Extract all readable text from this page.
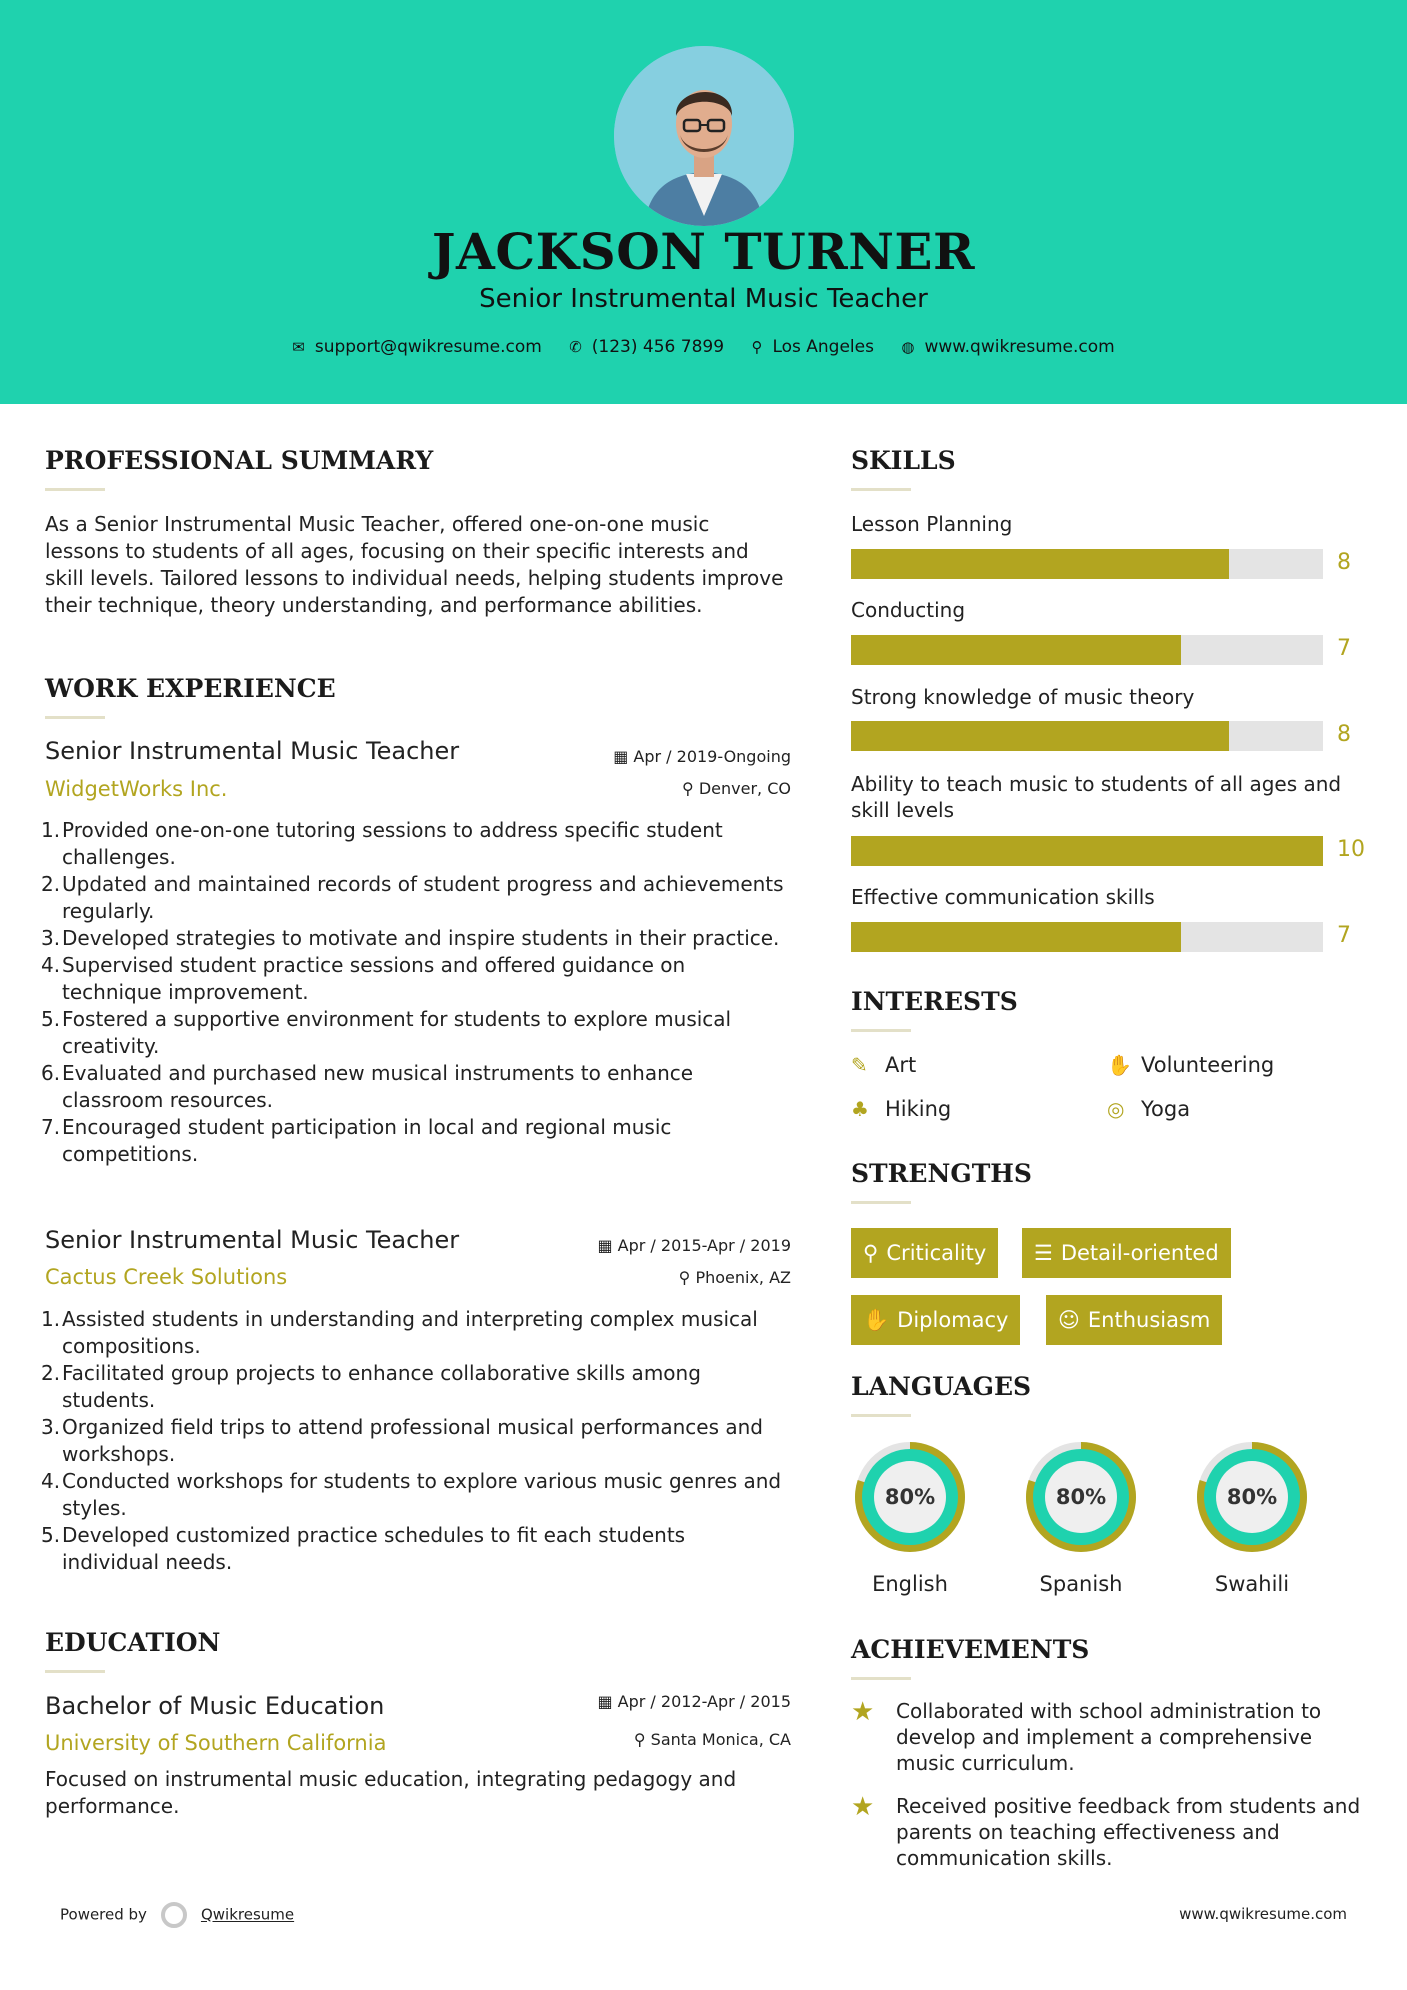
JACKSON TURNER
Senior Instrumental Music Teacher
✉ support@qwikresume.com ✆ (123) 456 7899 ⚲ Los Angeles ◍ www.qwikresume.com
PROFESSIONAL SUMMARY
As a Senior Instrumental Music Teacher, offered one-on-one music lessons to students of all ages, focusing on their specific interests and skill levels. Tailored lessons to individual needs, helping students improve their technique, theory understanding, and performance abilities.
WORK EXPERIENCE
Senior Instrumental Music Teacher
WidgetWorks Inc.
▦ Apr / 2019-Ongoing
⚲ Denver, CO
1. Provided one-on-one tutoring sessions to address specific student challenges.
2. Updated and maintained records of student progress and achievements regularly.
3. Developed strategies to motivate and inspire students in their practice.
4. Supervised student practice sessions and offered guidance on technique improvement.
5. Fostered a supportive environment for students to explore musical creativity.
6. Evaluated and purchased new musical instruments to enhance classroom resources.
7. Encouraged student participation in local and regional music competitions.
Senior Instrumental Music Teacher
Cactus Creek Solutions
▦ Apr / 2015-Apr / 2019
⚲ Phoenix, AZ
1. Assisted students in understanding and interpreting complex musical compositions.
2. Facilitated group projects to enhance collaborative skills among students.
3. Organized field trips to attend professional musical performances and workshops.
4. Conducted workshops for students to explore various music genres and styles.
5. Developed customized practice schedules to fit each students individual needs.
EDUCATION
Bachelor of Music Education
University of Southern California
▦ Apr / 2012-Apr / 2015
⚲ Santa Monica, CA
Focused on instrumental music education, integrating pedagogy and performance.
SKILLS
Lesson Planning
8
Conducting
7
Strong knowledge of music theory
8
Ability to teach music to students of all ages and skill levels
10
Effective communication skills
7
INTERESTS
✎ Art	✋ Volunteering
♣ Hiking	◎ Yoga
STRENGTHS
⚲ Criticality	☰ Detail-oriented
✋ Diplomacy	☺ Enthusiasm
LANGUAGES
80%	80%	80%
English	Spanish	Swahili
ACHIEVEMENTS
★ Collaborated with school administration to develop and implement a comprehensive music curriculum.
★ Received positive feedback from students and parents on teaching effectiveness and communication skills.
Powered by	Qwikresume	www.qwikresume.com
